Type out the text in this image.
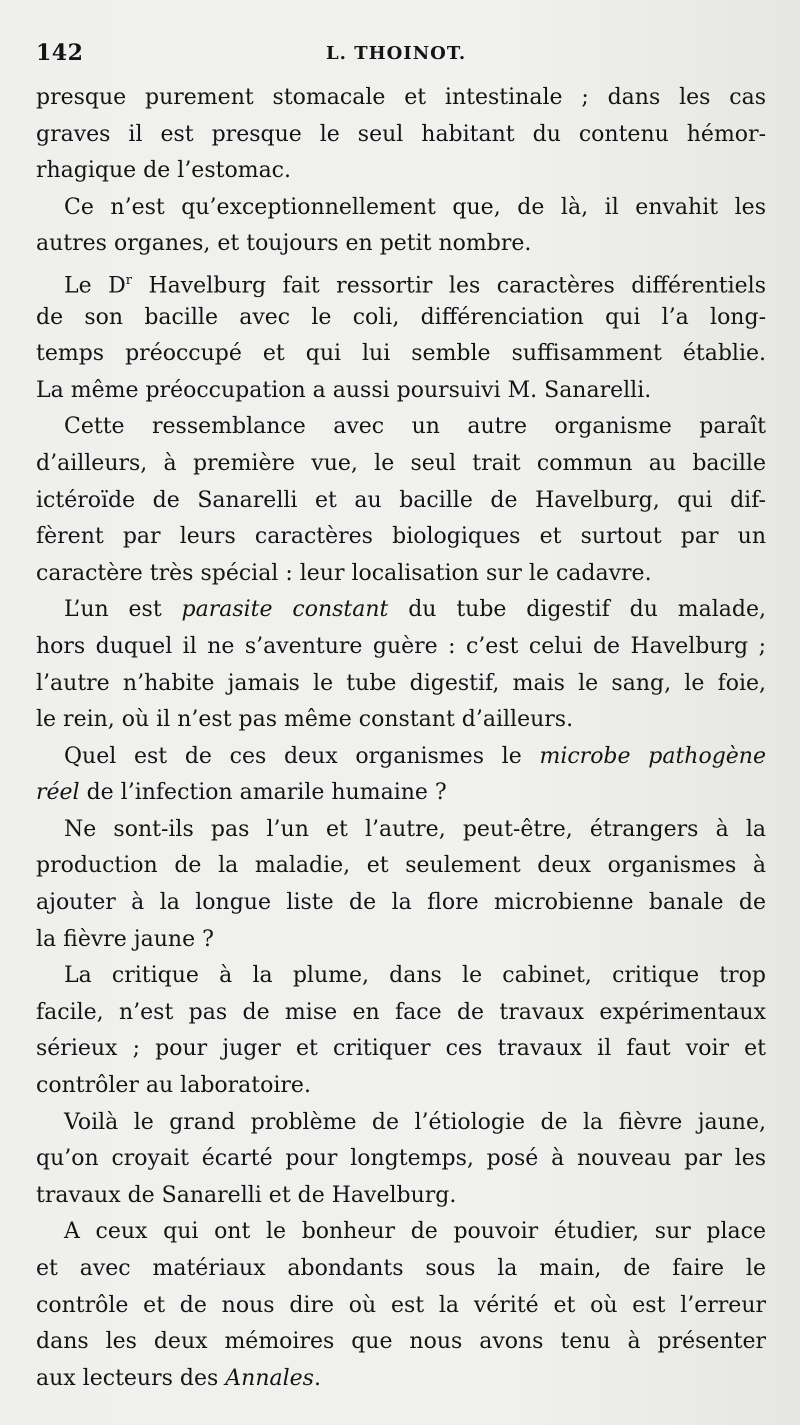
142	L. THOINOT.
presque purement stomacale et intestinale ; dans les cas
graves il est presque le seul habitant du contenu hémor-
rhagique de l’estomac.
Ce n’est qu’exceptionnellement que, de là, il envahit les
autres organes, et toujours en petit nombre.
Le $D^r$ Havelburg fait ressortir les caractères différentiels
de son bacille avec le coli, différenciation qui l’a long-
temps préoccupé et qui lui semble suffisamment établie.
La même préoccupation a aussi poursuivi M. Sanarelli.
Cette ressemblance avec un autre organisme paraît
d’ailleurs, à première vue, le seul trait commun au bacille
ictéroïde de Sanarelli et au bacille de Havelburg, qui dif-
fèrent par leurs caractères biologiques et surtout par un
caractère très spécial : leur localisation sur le cadavre.
L’un est parasite constant du tube digestif du malade,
hors duquel il ne s’aventure guère : c’est celui de Havelburg ;
l’autre n’habite jamais le tube digestif, mais le sang, le foie,
le rein, où il n’est pas même constant d’ailleurs.
Quel est de ces deux organismes le microbe pathogène
réel de l’infection amarile humaine ?
Ne sont-ils pas l’un et l’autre, peut-être, étrangers à la
production de la maladie, et seulement deux organismes à
ajouter à la longue liste de la flore microbienne banale de
la fièvre jaune ?
La critique à la plume, dans le cabinet, critique trop
facile, n’est pas de mise en face de travaux expérimentaux
sérieux ; pour juger et critiquer ces travaux il faut voir et
contrôler au laboratoire.
Voilà le grand problème de l’étiologie de la fièvre jaune,
qu’on croyait écarté pour longtemps, posé à nouveau par les
travaux de Sanarelli et de Havelburg.
A ceux qui ont le bonheur de pouvoir étudier, sur place
et avec matériaux abondants sous la main, de faire le
contrôle et de nous dire où est la vérité et où est l’erreur
dans les deux mémoires que nous avons tenu à présenter
aux lecteurs des Annales.
